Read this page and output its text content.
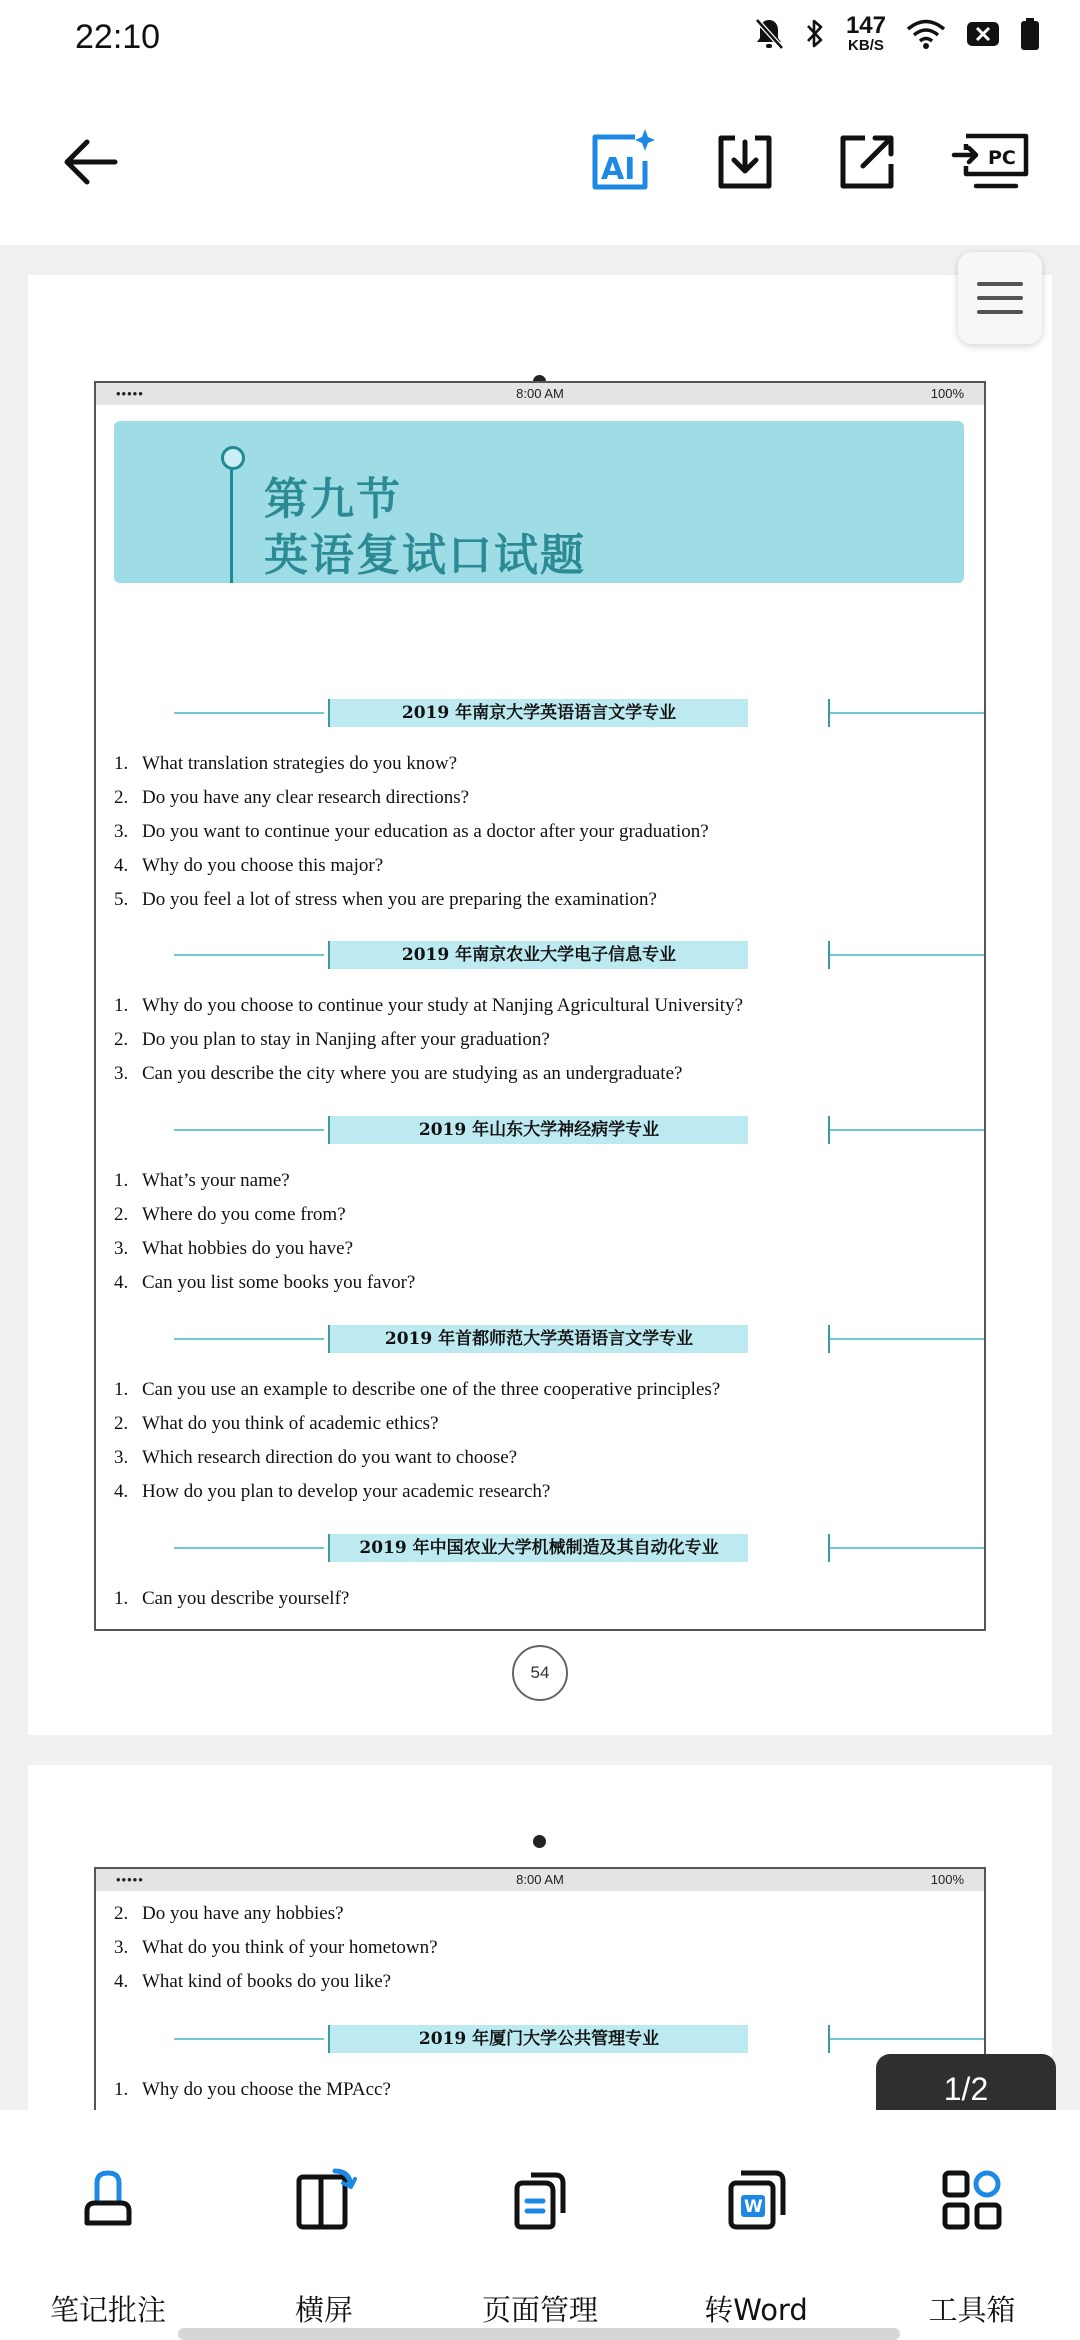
22:10	147
KB/S
AI	PC
•••••	8:00 AM	100%
第九节
英语复试口试题
2019 年南京大学英语语言文学专业
1. What translation strategies do you know?
2. Do you have any clear research directions?
3. Do you want to continue your education as a doctor after your graduation?
4. Why do you choose this major?
5. Do you feel a lot of stress when you are preparing the examination?
2019 年南京农业大学电子信息专业
1. Why do you choose to continue your study at Nanjing Agricultural University?
2. Do you plan to stay in Nanjing after your graduation?
3. Can you describe the city where you are studying as an undergraduate?
2019 年山东大学神经病学专业
1. What’s your name?
2. Where do you come from?
3. What hobbies do you have?
4. Can you list some books you favor?
2019 年首都师范大学英语语言文学专业
1. Can you use an example to describe one of the three cooperative principles?
2. What do you think of academic ethics?
3. Which research direction do you want to choose?
4. How do you plan to develop your academic research?
2019 年中国农业大学机械制造及其自动化专业
1. Can you describe yourself?
54
•••••	8:00 AM	100%
2. Do you have any hobbies?
3. What do you think of your hometown?
4. What kind of books do you like?
2019 年厦门大学公共管理专业
1. Why do you choose the MPAcc?	1/2
笔记批注	横屏	页面管理
W
转Word	工具箱
